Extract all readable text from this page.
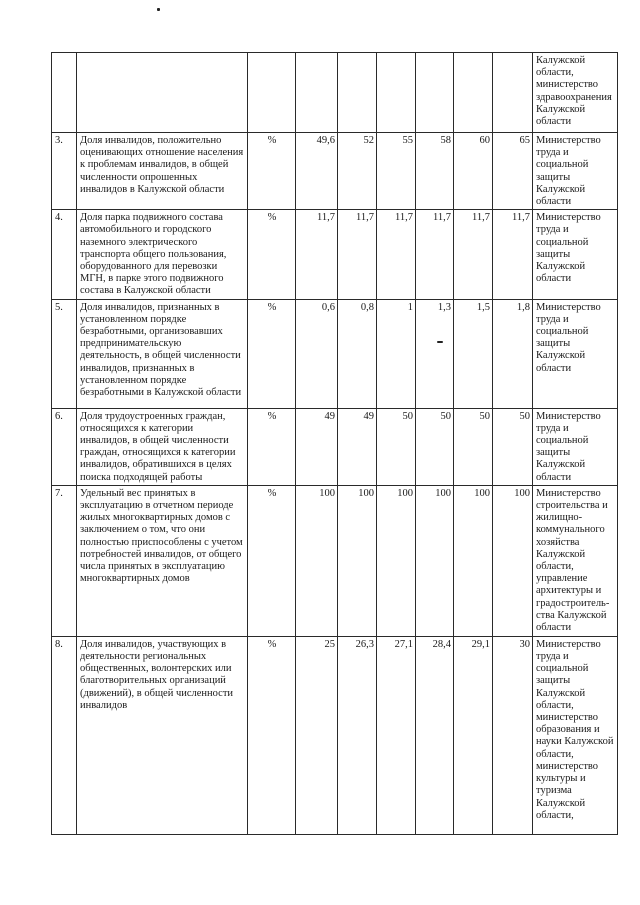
									Калужской области, министерство здравоохранения Калужской области
3.	Доля инвалидов, положительно оценивающих отношение населения к проблемам инвалидов, в общей численности опрошенных инвалидов в Калужской области	%	49,6	52	55	58	60	65	Министерство труда и социальной защиты Калужской области
4.	Доля парка подвижного состава автомобильного и городского наземного электрического транспорта общего пользования, оборудованного для перевозки МГН, в парке этого подвижного состава в Калужской области	%	11,7	11,7	11,7	11,7	11,7	11,7	Министерство труда и социальной защиты Калужской области
5.	Доля инвалидов, признанных в установленном порядке безработными, организовавших предпринимательскую деятельность, в общей численности инвалидов, признанных в установленном порядке безработными в Калужской области	%	0,6	0,8	1	1,3	1,5	1,8	Министерство труда и социальной защиты Калужской области
6.	Доля трудоустроенных граждан, относящихся к категории инвалидов, в общей численности граждан, относящихся к категории инвалидов, обратившихся в целях поиска подходящей работы	%	49	49	50	50	50	50	Министерство труда и социальной защиты Калужской области
7.	Удельный вес принятых в эксплуатацию в отчетном периоде жилых многоквартирных домов с заключением о том, что они полностью приспособлены с учетом потребностей инвалидов, от общего числа принятых в эксплуатацию многоквартирных домов	%	100	100	100	100	100	100	Министерство строительства и жилищно-коммунального хозяйства Калужской области, управление архитектуры и градостроитель-ства Калужской области
8.	Доля инвалидов, участвующих в деятельности региональных общественных, волонтерских или благотворительных организаций (движений), в общей численности инвалидов	%	25	26,3	27,1	28,4	29,1	30	Министерство труда и социальной защиты Калужской области, министерство образования и науки Калужской области, министерство культуры и туризма Калужской области,
